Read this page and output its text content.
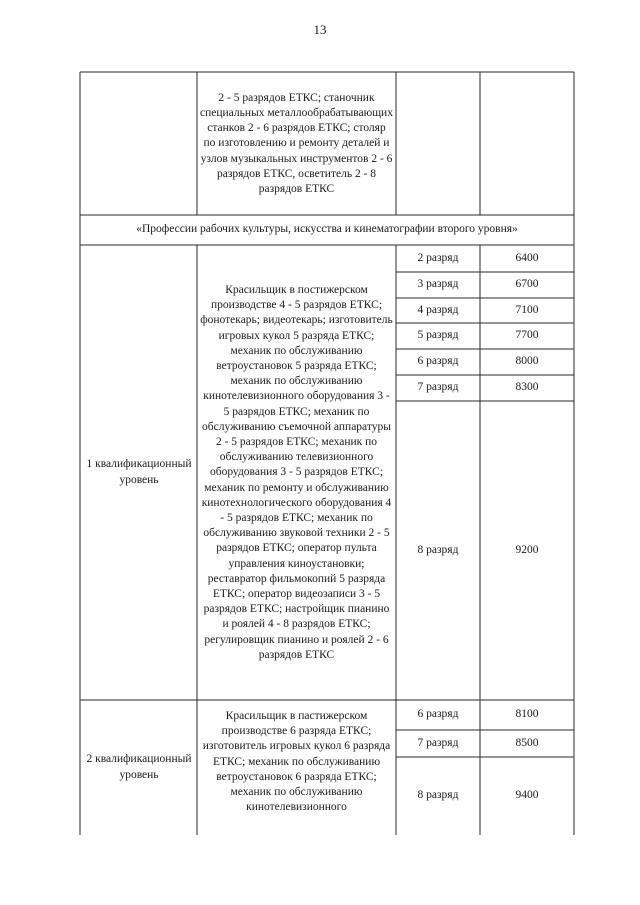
13
2 - 5 разрядов ЕТКС; станочник специальных металлообрабатывающих станков 2 - 6 разрядов ЕТКС; столяр по изготовлению и ремонту деталей и узлов музыкальных инструментов 2 - 6 разрядов ЕТКС, осветитель 2 - 8 разрядов ЕТКС
«Профессии рабочих культуры, искусства и кинематографии второго уровня»
1 квалификационный уровень
Красильщик в постижерском производстве 4 - 5 разрядов ЕТКС; фонотекарь; видеотекарь; изготовитель игровых кукол 5 разряда ЕТКС; механик по обслуживанию ветроустановок 5 разряда ЕТКС; механик по обслуживанию кинотелевизионного оборудования 3 - 5 разрядов ЕТКС; механик по обслуживанию съемочной аппаратуры 2 - 5 разрядов ЕТКС; механик по обслуживанию телевизионного оборудования 3 - 5 разрядов ЕТКС; механик по ремонту и обслуживанию кинотехнологического оборудования 4 - 5 разрядов ЕТКС; механик по обслуживанию звуковой техники 2 - 5 разрядов ЕТКС; оператор пульта управления киноустановки; реставратор фильмокопий 5 разряда ЕТКС; оператор видеозаписи 3 - 5 разрядов ЕТКС; настройщик пианино и роялей 4 - 8 разрядов ЕТКС; регулировщик пианино и роялей 2 - 6 разрядов ЕТКС
2 разряд	6400
3 разряд	6700
4 разряд	7100
5 разряд	7700
6 разряд	8000
7 разряд	8300
8 разряд	9200
2 квалификационный уровень
Красильщик в пастижерском производстве 6 разряда ЕТКС; изготовитель игровых кукол 6 разряда ЕТКС; механик по обслуживанию ветроустановок 6 разряда ЕТКС; механик по обслуживанию кинотелевизионного
6 разряд	8100
7 разряд	8500
8 разряд	9400
